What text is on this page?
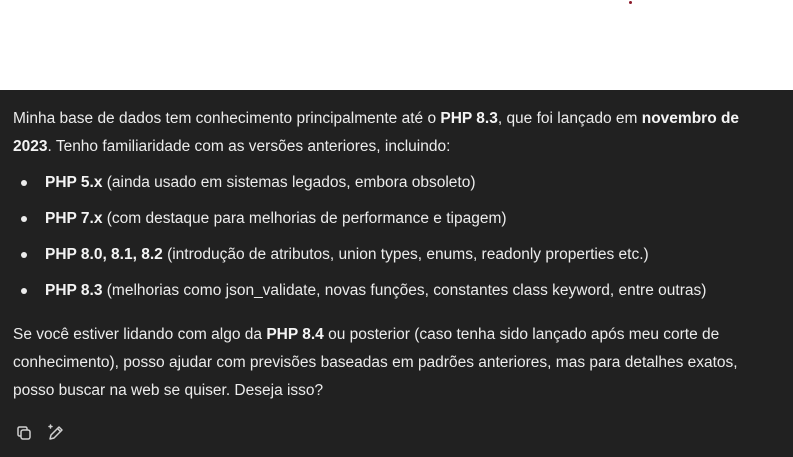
Minha base de dados tem conhecimento principalmente até o PHP 8.3, que foi lançado em novembro de 2023. Tenho familiaridade com as versões anteriores, incluindo:

PHP 5.x (ainda usado em sistemas legados, embora obsoleto)
PHP 7.x (com destaque para melhorias de performance e tipagem)
PHP 8.0, 8.1, 8.2 (introdução de atributos, union types, enums, readonly properties etc.)
PHP 8.3 (melhorias como json_validate, novas funções, constantes class keyword, entre outras)

Se você estiver lidando com algo da PHP 8.4 ou posterior (caso tenha sido lançado após meu corte de conhecimento), posso ajudar com previsões baseadas em padrões anteriores, mas para detalhes exatos, posso buscar na web se quiser. Deseja isso?
